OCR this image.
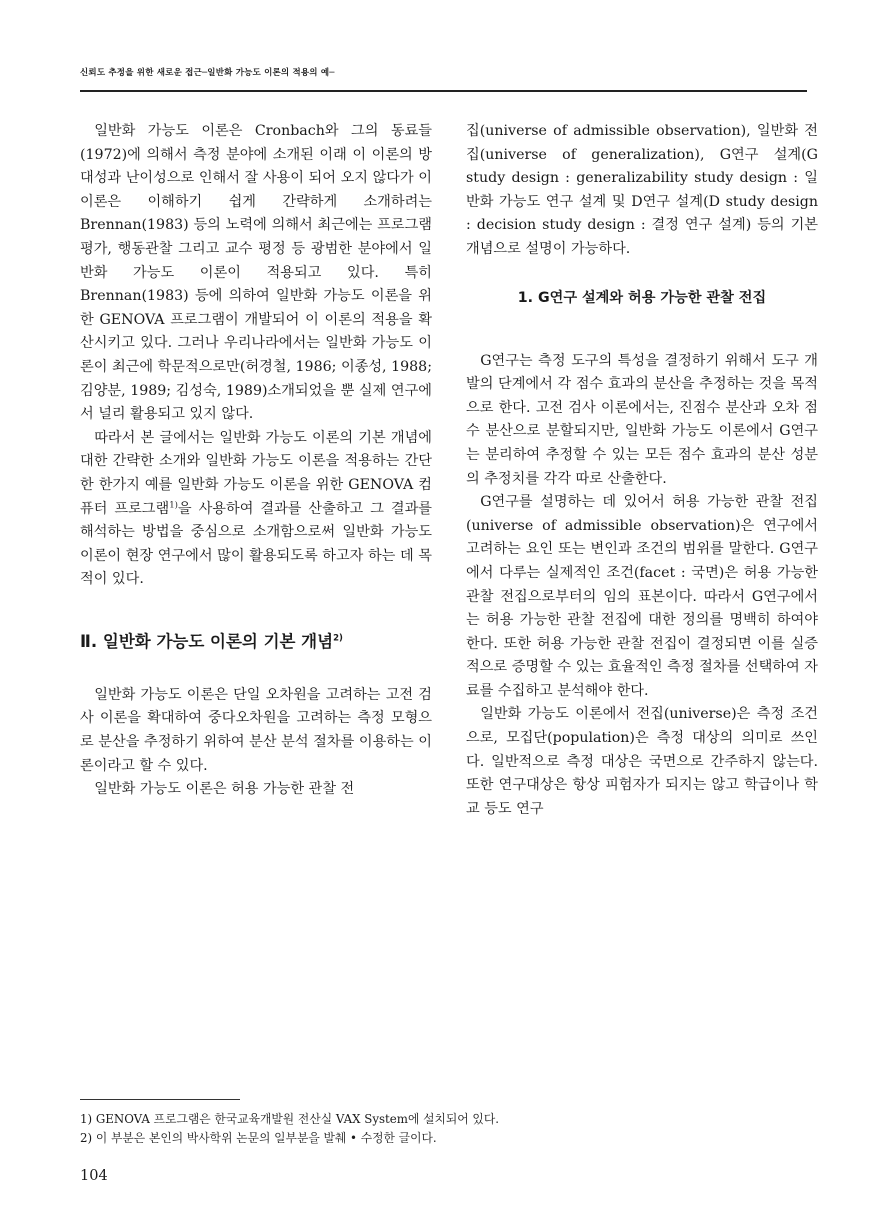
신뢰도 추정을 위한 새로운 접근─일반화 가능도 이론의 적용의 예─

일반화 가능도 이론은 Cronbach와 그의 동료들(1972)에 의해서 측정 분야에 소개된 이래 이 이론의 방대성과 난이성으로 인해서 잘 사용이 되어 오지 않다가 이 이론은 이해하기 쉽게 간략하게 소개하려는 Brennan(1983) 등의 노력에 의해서 최근에는 프로그램 평가, 행동관찰 그리고 교수 평정 등 광범한 분야에서 일반화 가능도 이론이 적용되고 있다. 특히 Brennan(1983) 등에 의하여 일반화 가능도 이론을 위한 GENOVA 프로그램이 개발되어 이 이론의 적용을 확산시키고 있다. 그러나 우리나라에서는 일반화 가능도 이론이 최근에 학문적으로만(허경철, 1986; 이종성, 1988; 김양분, 1989; 김성숙, 1989)소개되었을 뿐 실제 연구에서 널리 활용되고 있지 않다.

따라서 본 글에서는 일반화 가능도 이론의 기본 개념에 대한 간략한 소개와 일반화 가능도 이론을 적용하는 간단한 한가지 예를 일반화 가능도 이론을 위한 GENOVA 컴퓨터 프로그램$^{1)}$을 사용하여 결과를 산출하고 그 결과를 해석하는 방법을 중심으로 소개함으로써 일반화 가능도 이론이 현장 연구에서 많이 활용되도록 하고자 하는 데 목적이 있다.

Ⅱ. 일반화 가능도 이론의 기본 개념$^{2)}$

일반화 가능도 이론은 단일 오차원을 고려하는 고전 검사 이론을 확대하여 중다오차원을 고려하는 측정 모형으로 분산을 추정하기 위하여 분산 분석 절차를 이용하는 이론이라고 할 수 있다.

일반화 가능도 이론은 허용 가능한 관찰 전

집(universe of admissible observation), 일반화 전집(universe of generalization), G연구 설계(G study design : generalizability study design : 일반화 가능도 연구 설계 및 D연구 설계(D study design : decision study design : 결정 연구 설계) 등의 기본 개념으로 설명이 가능하다.

1. G연구 설계와 허용 가능한 관찰 전집

G연구는 측정 도구의 특성을 결정하기 위해서 도구 개발의 단계에서 각 점수 효과의 분산을 추정하는 것을 목적으로 한다. 고전 검사 이론에서는, 진점수 분산과 오차 점수 분산으로 분할되지만, 일반화 가능도 이론에서 G연구는 분리하여 추정할 수 있는 모든 점수 효과의 분산 성분의 추정치를 각각 따로 산출한다.

G연구를 설명하는 데 있어서 허용 가능한 관찰 전집(universe of admissible observation)은 연구에서 고려하는 요인 또는 변인과 조건의 범위를 말한다. G연구에서 다루는 실제적인 조건(facet : 국면)은 허용 가능한 관찰 전집으로부터의 임의 표본이다. 따라서 G연구에서는 허용 가능한 관찰 전집에 대한 정의를 명백히 하여야 한다. 또한 허용 가능한 관찰 전집이 결정되면 이를 실증적으로 증명할 수 있는 효율적인 측정 절차를 선택하여 자료를 수집하고 분석해야 한다.

일반화 가능도 이론에서 전집(universe)은 측정 조건으로, 모집단(population)은 측정 대상의 의미로 쓰인다. 일반적으로 측정 대상은 국면으로 간주하지 않는다. 또한 연구대상은 항상 피험자가 되지는 않고 학급이나 학교 등도 연구

1) GENOVA 프로그램은 한국교육개발원 전산실 VAX System에 설치되어 있다.
2) 이 부분은 본인의 박사학위 논문의 일부분을 발췌 • 수정한 글이다.
104
